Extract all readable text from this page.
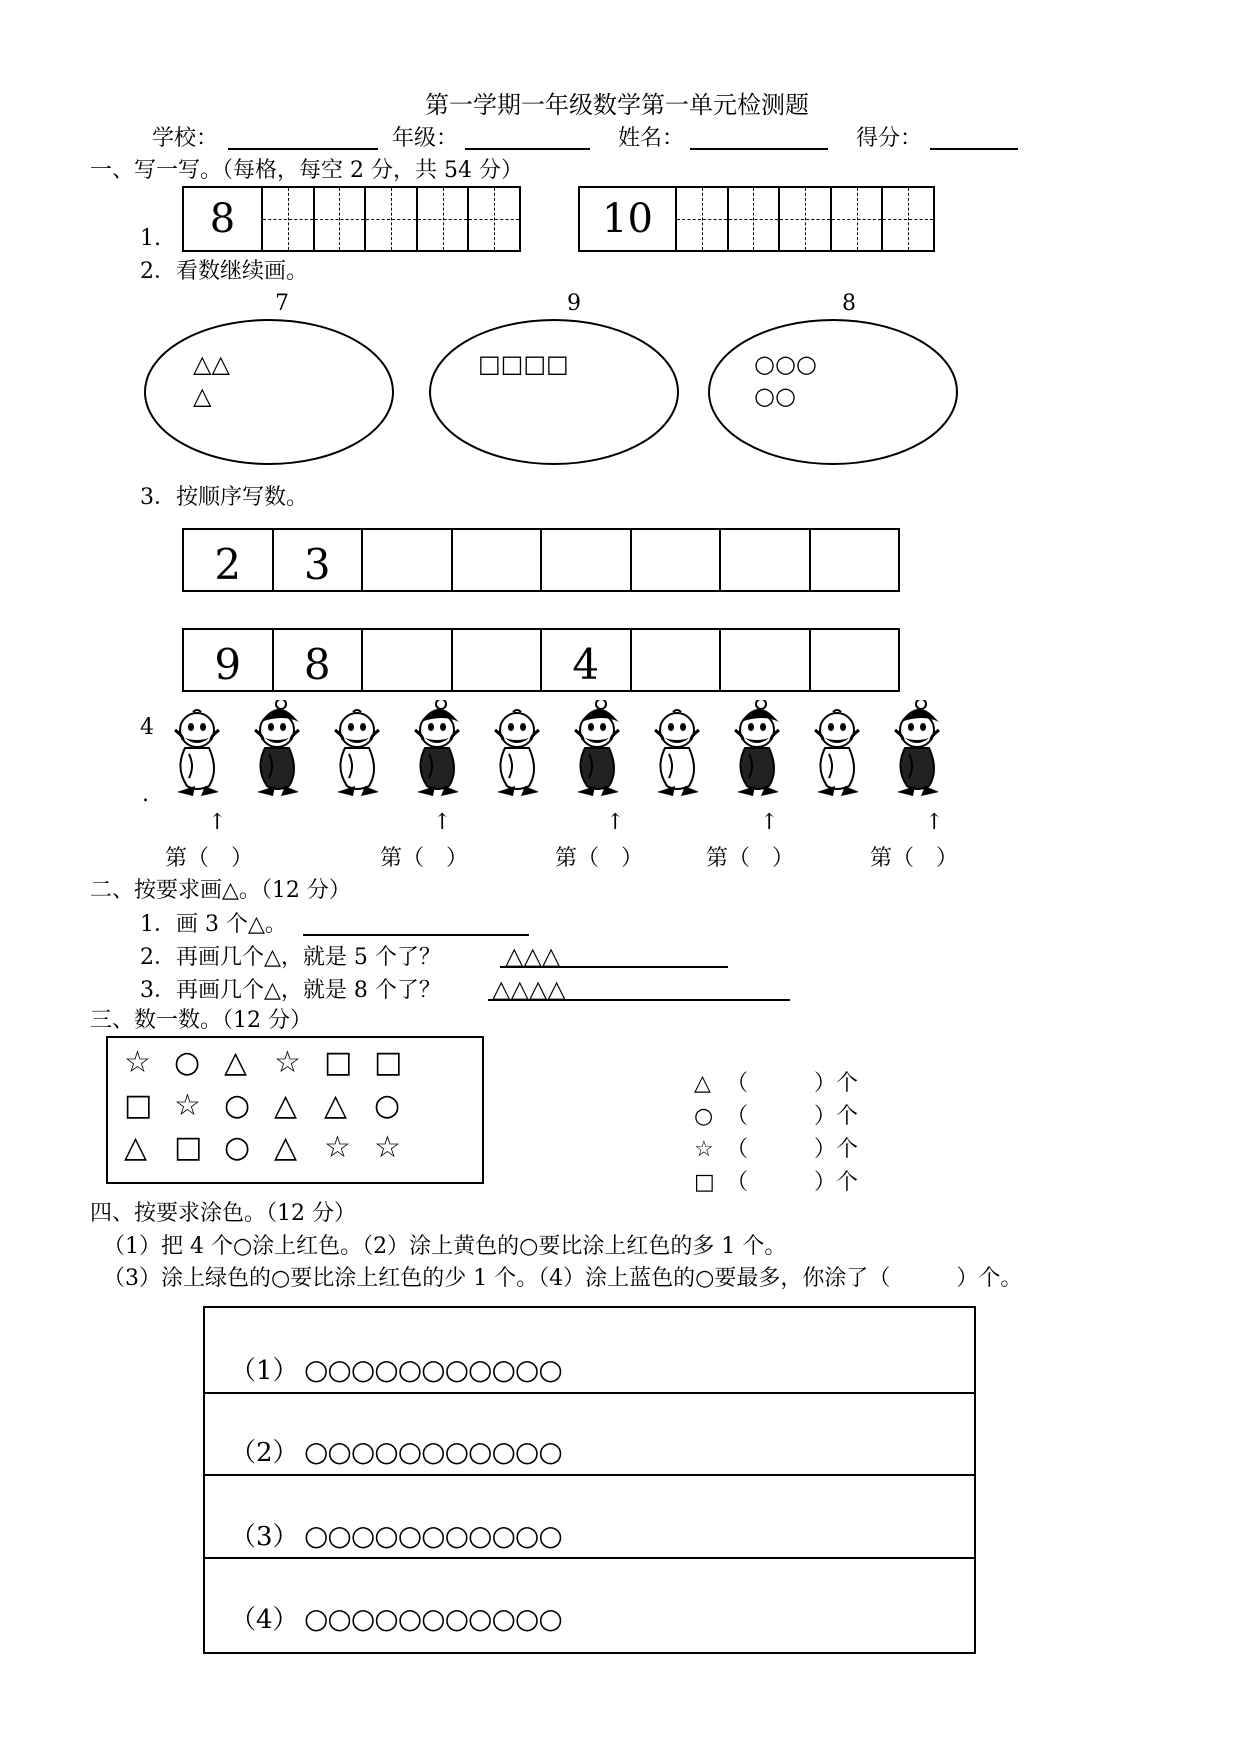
第一学期一年级数学第一单元检测题
学校：	年级：	姓名：	得分：
一、写一写。（每格，每空 2 分，共 54 分）
1.	8	10
2．看数继续画。
7	9	8
△△
△
□□□□	○○○
○○
3．按顺序写数。
2	3
9	8	4
4
.
↑	↑	↑	↑	↑
第（　）	第（　）	第（　）	第（　）	第（　）
二、按要求画△。（12 分）
1．画 3 个△。
2．再画几个△，就是 5 个了？	△△△
3．再画几个△，就是 8 个了？ △△△△
三、数一数。（12 分）
☆ ○ △ ☆ □ □
□ ☆ ○ △ △ ○
△ □ ○ △ ☆ ☆
△ （　　　）个
○ （　　　）个
☆ （　　　）个
□ （　　　）个
四、按要求涂色。（12 分）
（1）把 4 个○涂上红色。（2）涂上黄色的○要比涂上红色的多 1 个。
（3）涂上绿色的○要比涂上红色的少 1 个。（4）涂上蓝色的○要最多，你涂了（　　　）个。
（1） ○○○○○○○○○○○
（2） ○○○○○○○○○○○
（3） ○○○○○○○○○○○
（4） ○○○○○○○○○○○
